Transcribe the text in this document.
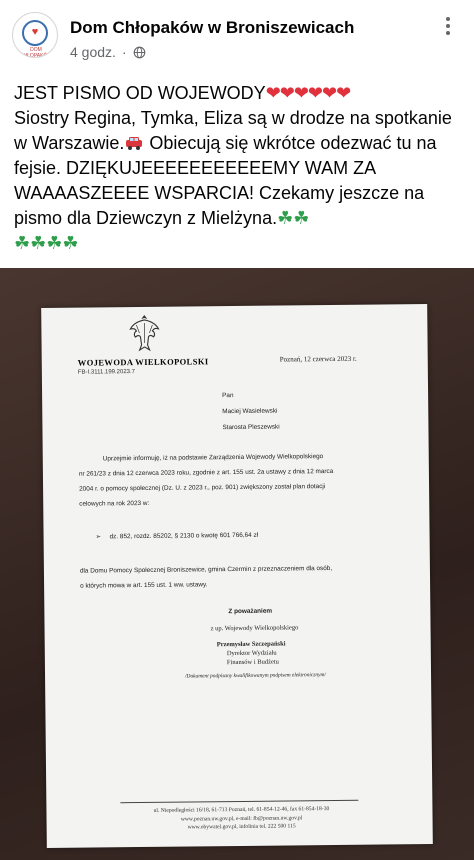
♥
DOM CHŁOPAKÓW
Dom Chłopaków w Broniszewicach
4 godz. ·
JEST PISMO OD WOJEWODY❤❤❤❤❤❤
Siostry Regina, Tymka, Eliza są w drodze na spotkanie w Warszawie. Obiecują się wkrótce odezwać tu na fejsie. DZIĘKUJEEEEEEEEEEEMY WAM ZA WAAAASZEEEE WSPARCIA! Czekamy jeszcze na pismo dla Dziewczyn z Mielżyna.☘☘
☘☘☘☘
WOJEWODA WIELKOPOLSKI
FB-I.3111.199.2023.7
Poznań, 12 czerwca 2023 r.
Pan
Maciej Wasielewski
Starosta Pleszewski
Uprzejmie informuję, iż na podstawie Zarządzenia Wojewody Wielkopolskiego
nr 261/23 z dnia 12 czerwca 2023 roku, zgodnie z art. 155 ust. 2a ustawy z dnia 12 marca
2004 r. o pomocy społecznej (Dz. U. z 2023 r., poz. 901) zwiększony został plan dotacji
celowych na rok 2023 w:
➢ dz. 852, rozdz. 85202, § 2130 o kwotę 601 766,64 zł
dla Domu Pomocy Społecznej Broniszewice, gmina Czermin z przeznaczeniem dla osób,
o których mowa w art. 155 ust. 1 ww. ustawy.
Z poważaniem
z up. Wojewody Wielkopolskiego
Przemysław Szczepański
Dyrektor Wydziału
Finansów i Budżetu
/Dokument podpisany kwalifikowanym podpisem elektronicznym/
ul. Niepodległości 16/18, 61-713 Poznań, tel. 61-854-12-46, fax 61-854-18-30
www.poznan.uw.gov.pl, e-mail: fb@poznan.uw.gov.pl
www.obywatel.gov.pl, infolinia tel. 222 500 115
